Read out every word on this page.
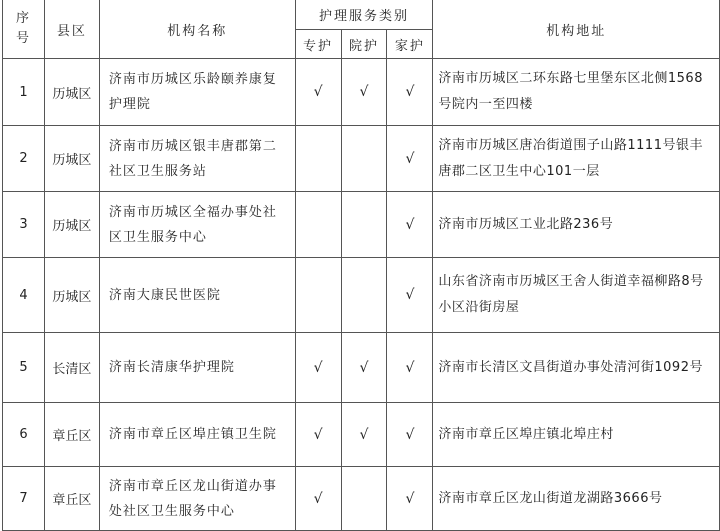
序
号	县区	机构名称	护理服务类别			机构地址
			专护	院护	家护	
1	历城区	济南市历城区乐龄颐养康复护理院	√	√	√	济南市历城区二环东路七里堡东区北侧1568号院内一至四楼
2	历城区	济南市历城区银丰唐郡第二社区卫生服务站			√	济南市历城区唐冶街道围子山路1111号银丰唐郡二区卫生中心101一层
3	历城区	济南市历城区全福办事处社区卫生服务中心			√	济南市历城区工业北路236号
4	历城区	济南大康民世医院			√	山东省济南市历城区王舍人街道幸福柳路8号小区沿街房屋
5	长清区	济南长清康华护理院	√	√	√	济南市长清区文昌街道办事处清河街1092号
6	章丘区	济南市章丘区埠庄镇卫生院	√	√	√	济南市章丘区埠庄镇北埠庄村
7	章丘区	济南市章丘区龙山街道办事处社区卫生服务中心	√		√	济南市章丘区龙山街道龙湖路3666号
